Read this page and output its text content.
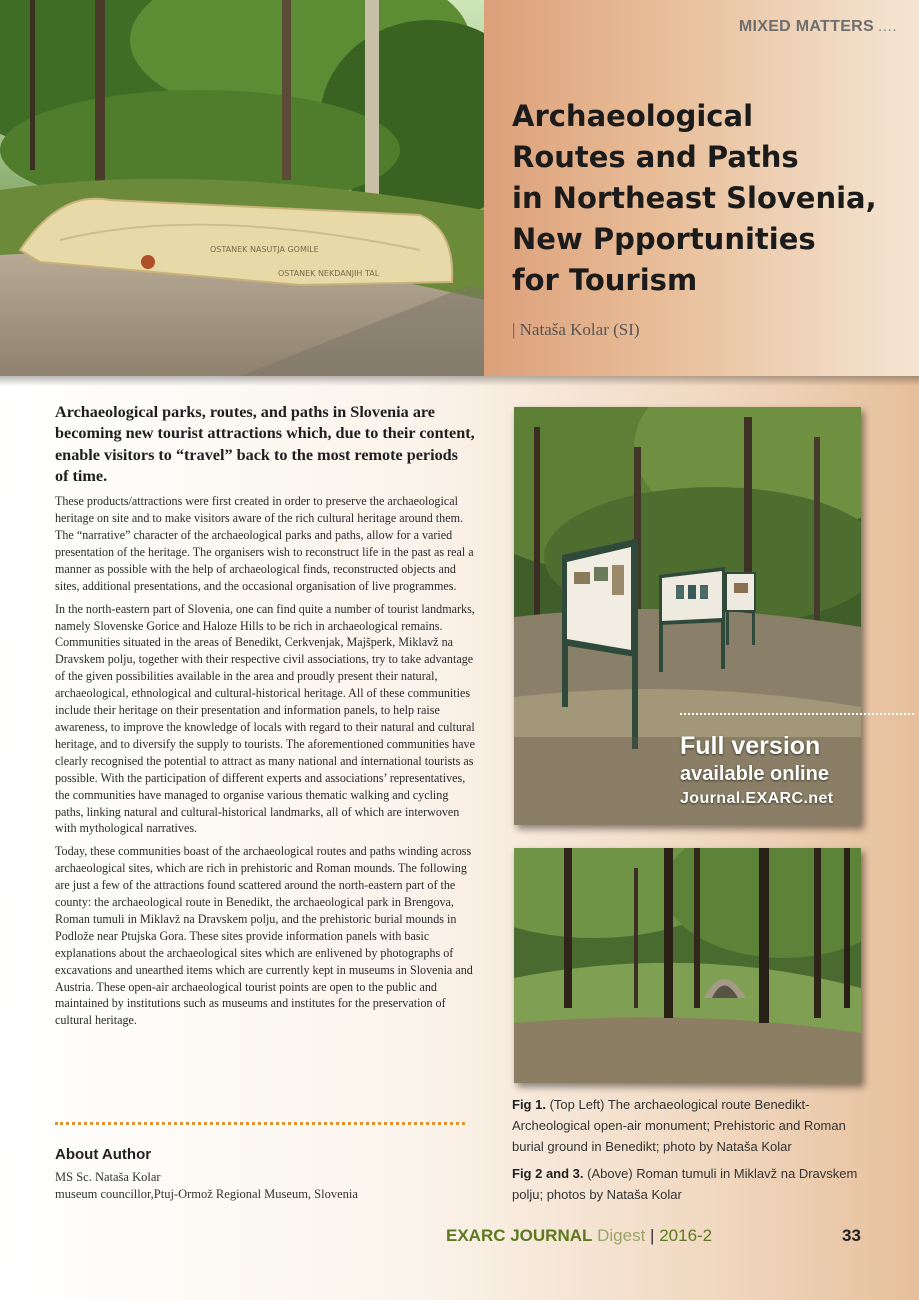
OSTANEK NASUTJA GOMILE
OSTANEK NEKDANJIH TAL
MIXED MATTERS ....
Archaeological
Routes and Paths
in Northeast Slovenia,
New Ppportunities
for Tourism
| Nataša Kolar (SI)

Archaeological parks, routes, and paths in Slovenia are becoming new tourist attractions which, due to their content, enable visitors to “travel” back to the most remote periods of time.

These products/attractions were first created in order to preserve the archaeological heritage on site and to make visitors aware of the rich cultural heritage around them. The “narrative” character of the archaeological parks and paths, allow for a varied presentation of the heritage. The organisers wish to reconstruct life in the past as real a manner as possible with the help of archaeological finds, reconstructed objects and sites, additional presentations, and the occasional organisation of live programmes.

In the north-eastern part of Slovenia, one can find quite a number of tourist landmarks, namely Slovenske Gorice and Haloze Hills to be rich in archaeological remains. Communities situated in the areas of Benedikt, Cerkvenjak, Majšperk, Miklavž na Dravskem polju, together with their respective civil associations, try to take advantage of the given possibilities available in the area and proudly present their natural, archaeological, ethnological and cultural-historical heritage. All of these communities include their heritage on their presentation and information panels, to help raise awareness, to improve the knowledge of locals with regard to their natural and cultural heritage, and to diversify the supply to tourists. The aforementioned communities have clearly recognised the potential to attract as many national and international tourists as possible. With the participation of different experts and associations’ representatives, the communities have managed to organise various thematic walking and cycling paths, linking natural and cultural-historical landmarks, all of which are interwoven with mythological narratives.

Today, these communities boast of the archaeological routes and paths winding across archaeological sites, which are rich in prehistoric and Roman mounds. The following are just a few of the attractions found scattered around the north-eastern part of the county: the archaeological route in Benedikt, the archaeological park in Brengova, Roman tumuli in Miklavž na Dravskem polju, and the prehistoric burial mounds in Podlože near Ptujska Gora. These sites provide information panels with basic explanations about the archaeological sites which are enlivened by photographs of excavations and unearthed items which are currently kept in museums in Slovenia and Austria. These open-air archaeological tourist points are open to the public and maintained by institutions such as museums and institutes for the preservation of cultural heritage.

About Author
MS Sc. Nataša Kolar
museum councillor,Ptuj-Ormož Regional Museum, Slovenia
Full version
available online
Journal.EXARC.net

Fig 1. (Top Left) The archaeological route Benedikt-Archeological open-air monument; Prehistoric and Roman burial ground in Benedikt; photo by Nataša Kolar

Fig 2 and 3. (Above) Roman tumuli in Miklavž na Dravskem polju; photos by Nataša Kolar

EXARC JOURNAL Digest | 2016-2	33
